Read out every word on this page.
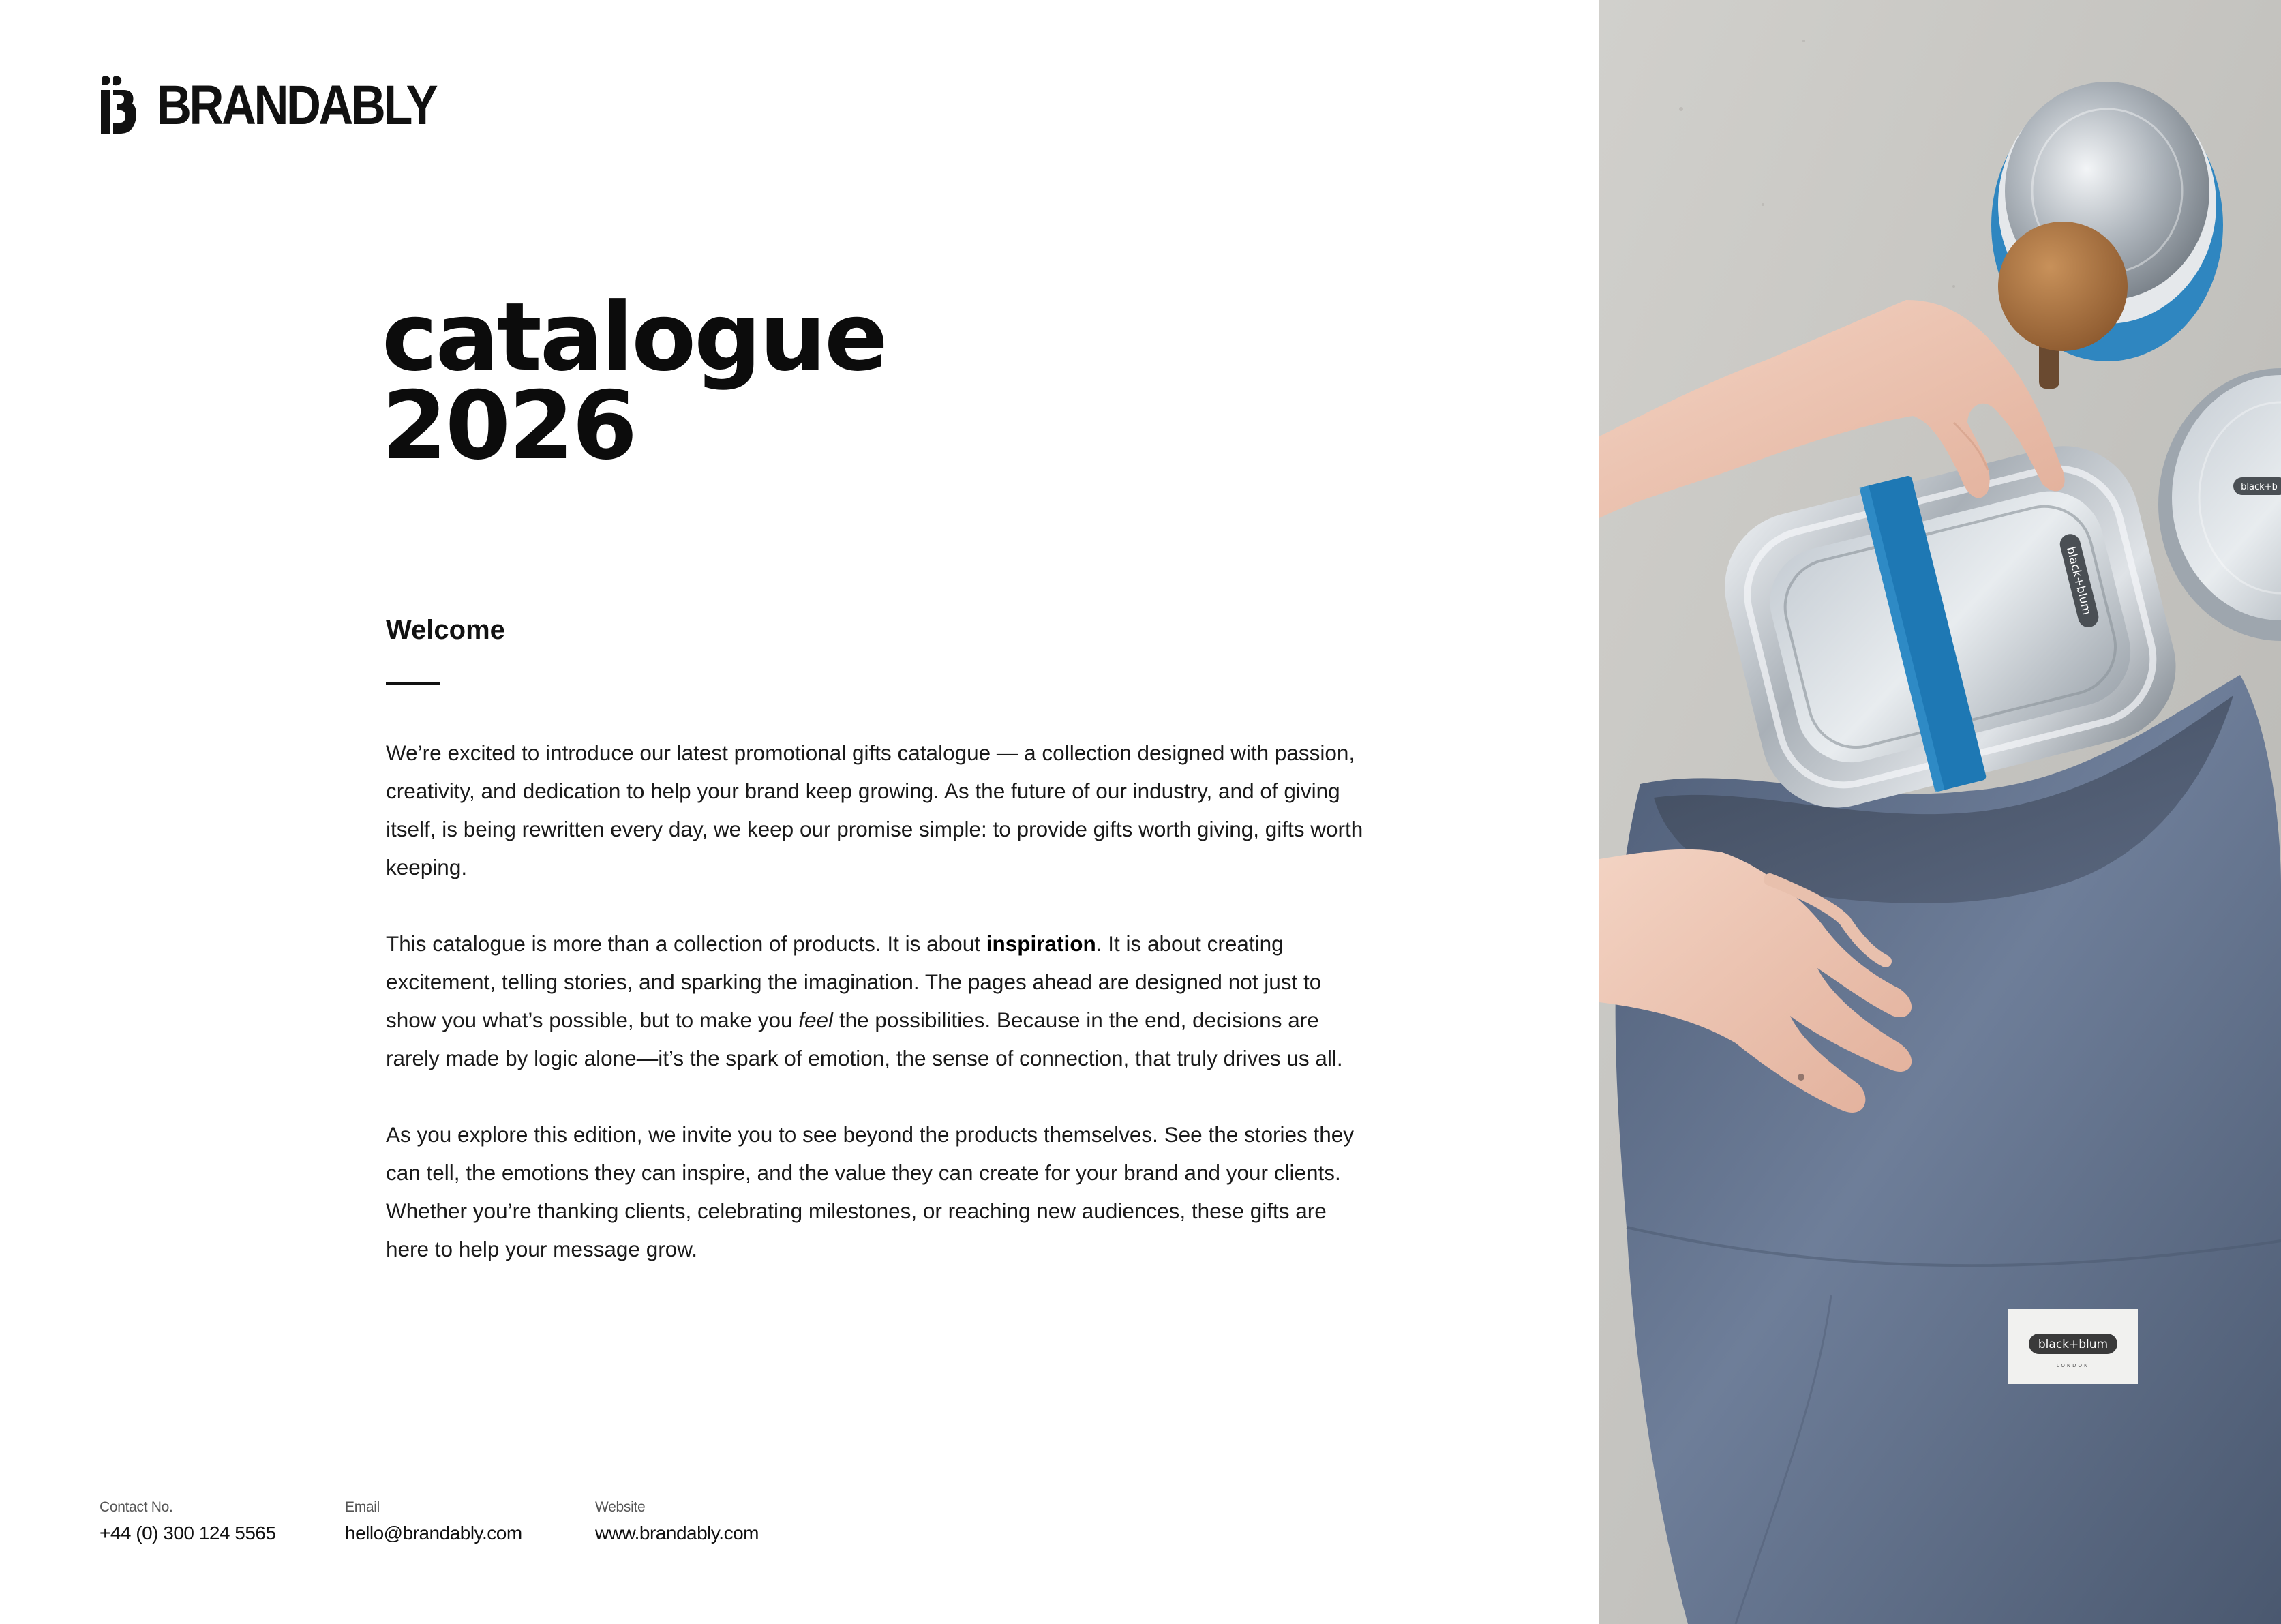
BRANDABLY
catalogue
2026
Welcome

We’re excited to introduce our latest promotional gifts catalogue — a collection designed with passion, creativity, and dedication to help your brand keep growing. As the future of our industry, and of giving itself, is being rewritten every day, we keep our promise simple: to provide gifts worth giving, gifts worth keeping.

This catalogue is more than a collection of products. It is about inspiration. It is about creating excitement, telling stories, and sparking the imagination. The pages ahead are designed not just to show you what’s possible, but to make you feel the possibilities. Because in the end, decisions are rarely made by logic alone—it’s the spark of emotion, the sense of connection, that truly drives us all.

As you explore this edition, we invite you to see beyond the products themselves. See the stories they can tell, the emotions they can inspire, and the value they can create for your brand and your clients. Whether you’re thanking clients, celebrating milestones, or reaching new audiences, these gifts are here to help your message grow.

Contact No.
+44 (0) 300 124 5565
Email
hello@brandably.com
Website
www.brandably.com
black+blum
LONDON
black+b
black+blum
